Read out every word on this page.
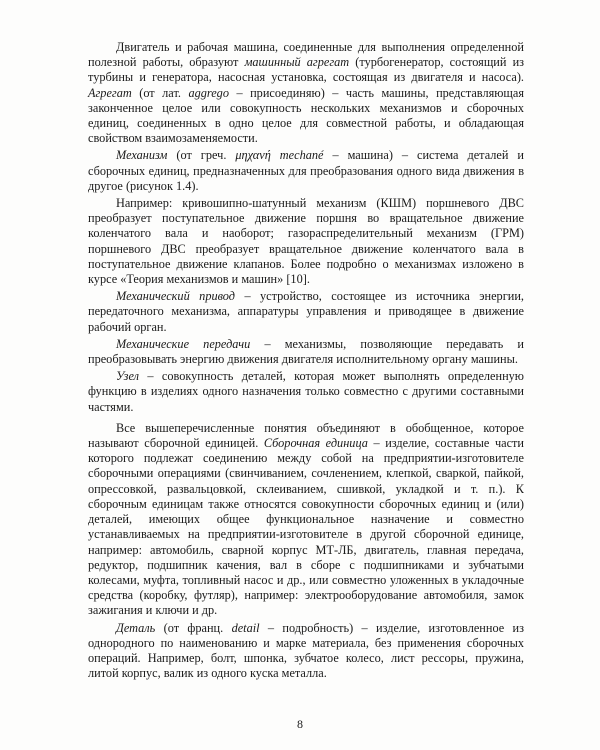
Двигатель и рабочая машина, соединенные для выполнения определенной полезной работы, образуют машинный агрегат (турбогенератор, состоящий из турбины и генератора, насосная установка, состоящая из двигателя и насоса). Агрегат (от лат. aggrego – присоединяю) – часть машины, представляющая законченное целое или совокупность нескольких механизмов и сборочных единиц, соединенных в одно целое для совместной работы, и обладающая свойством взаимозаменяемости.

Механизм (от греч. μηχανή mechané – машина) – система деталей и сборочных единиц, предназначенных для преобразования одного вида движения в другое (рисунок 1.4).

Например: кривошипно-шатунный механизм (КШМ) поршневого ДВС преобразует поступательное движение поршня во вращательное движение коленчатого вала и наоборот; газораспределительный механизм (ГРМ) поршневого ДВС преобразует вращательное движение коленчатого вала в поступательное движение клапанов. Более подробно о механизмах изложено в курсе «Теория механизмов и машин» [10].

Механический привод – устройство, состоящее из источника энергии, передаточного механизма, аппаратуры управления и приводящее в движение рабочий орган.

Механические передачи – механизмы, позволяющие передавать и преобразовывать энергию движения двигателя исполнительному органу машины.

Узел – совокупность деталей, которая может выполнять определенную функцию в изделиях одного назначения только совместно с другими составными частями.

Все вышеперечисленные понятия объединяют в обобщенное, которое называют сборочной единицей. Сборочная единица – изделие, составные части которого подлежат соединению между собой на предприятии-изготовителе сборочными операциями (свинчиванием, сочленением, клепкой, сваркой, пайкой, опрессовкой, развальцовкой, склеиванием, сшивкой, укладкой и т. п.). К сборочным единицам также относятся совокупности сборочных единиц и (или) деталей, имеющих общее функциональное назначение и совместно устанавливаемых на предприятии-изготовителе в другой сборочной единице, например: автомобиль, сварной корпус МТ-ЛБ, двигатель, главная передача, редуктор, подшипник качения, вал в сборе с подшипниками и зубчатыми колесами, муфта, топливный насос и др., или совместно уложенных в укладочные средства (коробку, футляр), например: электрооборудование автомобиля, замок зажигания и ключи и др.

Деталь (от франц. detail – подробность) – изделие, изготовленное из однородного по наименованию и марке материала, без применения сборочных операций. Например, болт, шпонка, зубчатое колесо, лист рессоры, пружина, литой корпус, валик из одного куска металла.

8
